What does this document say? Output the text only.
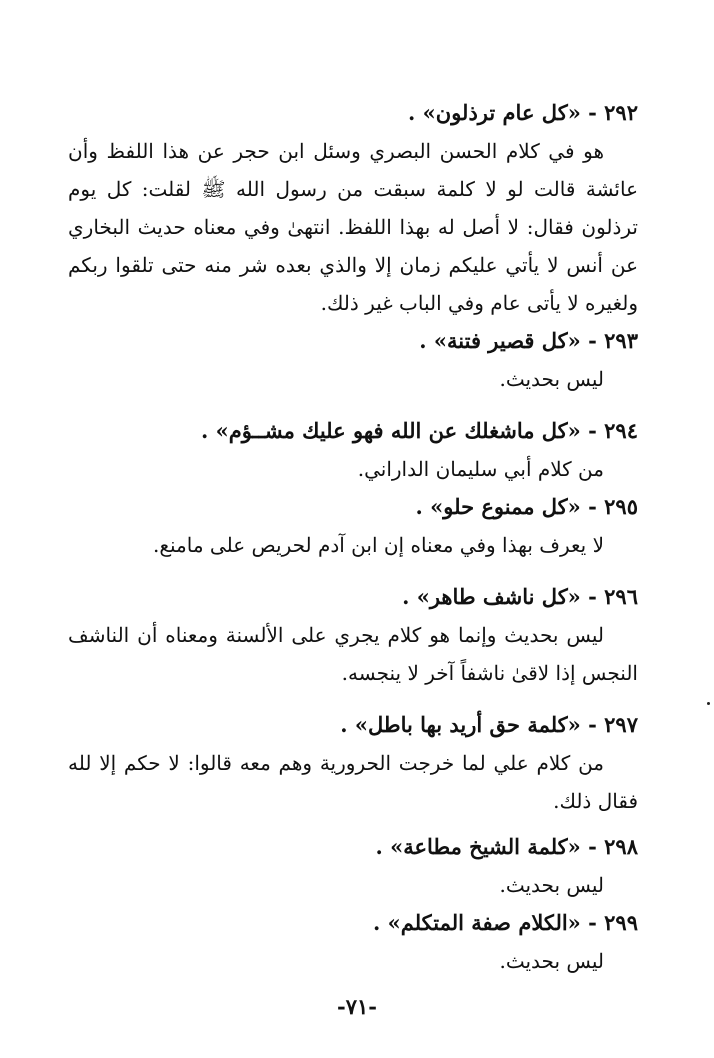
٢٩٢ - «كل عام ترذلون» .

هو في كلام الحسن البصري وسئل ابن حجر عن هذا اللفظ وأن عائشة قالت لو لا كلمة سبقت من رسول الله ﷺ لقلت: كل يوم ترذلون فقال: لا أصل له بهذا اللفظ. انتهىٰ وفي معناه حديث البخاري عن أنس لا يأتي عليكم زمان إلا والذي بعده شر منه حتى تلقوا ربكم ولغيره لا يأتى عام وفي الباب غير ذلك.

٢٩٣ - «كل قصير فتنة» .

ليس بحديث.

٢٩٤ - «كل ماشغلك عن الله فهو عليك مشــؤم» .

من كلام أبي سليمان الداراني.

٢٩٥ - «كل ممنوع حلو» .

لا يعرف بهذا وفي معناه إن ابن آدم لحريص على مامنع.

٢٩٦ - «كل ناشف طاهر» .

ليس بحديث وإنما هو كلام يجري على الألسنة ومعناه أن الناشف النجس إذا لاقىٰ ناشفاً آخر لا ينجسه.

٢٩٧ - «كلمة حق أريد بها باطل» .

من كلام علي لما خرجت الحرورية وهم معه قالوا: لا حكم إلا لله فقال ذلك.

٢٩٨ - «كلمة الشيخ مطاعة» .

ليس بحديث.

٢٩٩ - «الكلام صفة المتكلم» .

ليس بحديث.

-٧١-
